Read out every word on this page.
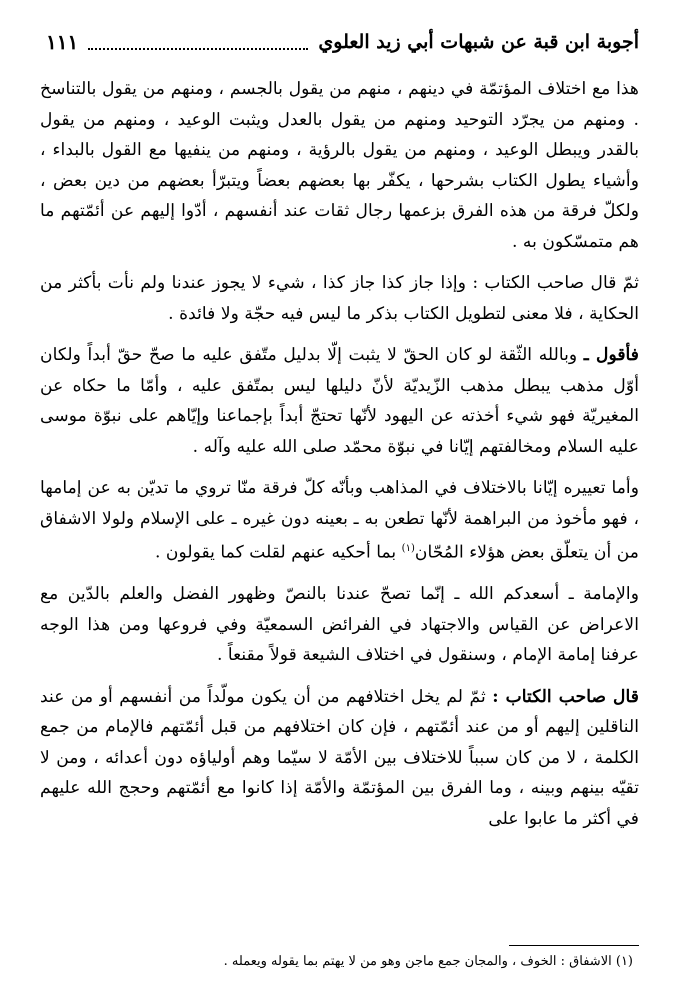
أجوبة ابن قبة عن شبهات أبي زيد العلوي
١١١

هذا مع اختلاف المؤتمّة في دينهم ، منهم من يقول بالجسم ، ومنهم من يقول بالتناسخ . ومنهم من يجرّد التوحيد ومنهم من يقول بالعدل ويثبت الوعيد ، ومنهم من يقول بالقدر ويبطل الوعيد ، ومنهم من يقول بالرؤية ، ومنهم من ينفيها مع القول بالبداء ، وأشياء يطول الكتاب بشرحها ، يكفّر بها بعضهم بعضاً ويتبرّأ بعضهم من دين بعض ، ولكلّ فرقة من هذه الفرق بزعمها رجال ثقات عند أنفسهم ، أدّوا إليهم عن أئمّتهم ما هم متمسّكون به .

ثمّ قال صاحب الكتاب : وإذا جاز كذا جاز كذا ، شيء لا يجوز عندنا ولم نأت بأكثر من الحكاية ، فلا معنى لتطويل الكتاب بذكر ما ليس فيه حجّة ولا فائدة .

فأقول ـ وبالله الثّقة لو كان الحقّ لا يثبت إلّا بدليل متّفق عليه ما صحّ حقّ أبداً ولكان أوّل مذهب يبطل مذهب الزّيديّة لأنّ دليلها ليس بمتّفق عليه ، وأمّا ما حكاه عن المغيريّة فهو شيء أخذته عن اليهود لأنّها تحتجّ أبداً بإجماعنا وإيّاهم على نبوّة موسى عليه السلام ومخالفتهم إيّانا في نبوّة محمّد صلى الله عليه وآله .

وأما تعييره إيّانا بالاختلاف في المذاهب وبأنّه كلّ فرقة منّا تروي ما تديّن به عن إمامها ، فهو مأخوذ من البراهمة لأنّها تطعن به ـ بعينه دون غيره ـ على الإسلام ولولا الاشفاق من أن يتعلّق بعض هؤلاء المُحّان$^{(١)}$ بما أحكيه عنهم لقلت كما يقولون .

والإمامة ـ أسعدكم الله ـ إنّما تصحّ عندنا بالنصّ وظهور الفضل والعلم بالدّين مع الاعراض عن القياس والاجتهاد في الفرائض السمعيّة وفي فروعها ومن هذا الوجه عرفنا إمامة الإمام ، وسنقول في اختلاف الشيعة قولاً مقنعاً .

قال صاحب الكتاب : ثمّ لم يخل اختلافهم من أن يكون مولّداً من أنفسهم أو من عند الناقلين إليهم أو من عند أئمّتهم ، فإن كان اختلافهم من قبل أئمّتهم فالإمام من جمع الكلمة ، لا من كان سبباً للاختلاف بين الأمّة لا سيّما وهم أولياؤه دون أعدائه ، ومن لا تقيّه بينهم وبينه ، وما الفرق بين المؤتمّة والأمّة إذا كانوا مع أئمّتهم وحجج الله عليهم في أكثر ما عابوا على

(١) الاشفاق : الخوف ، والمجان جمع ماجن وهو من لا يهتم بما يقوله ويعمله .
